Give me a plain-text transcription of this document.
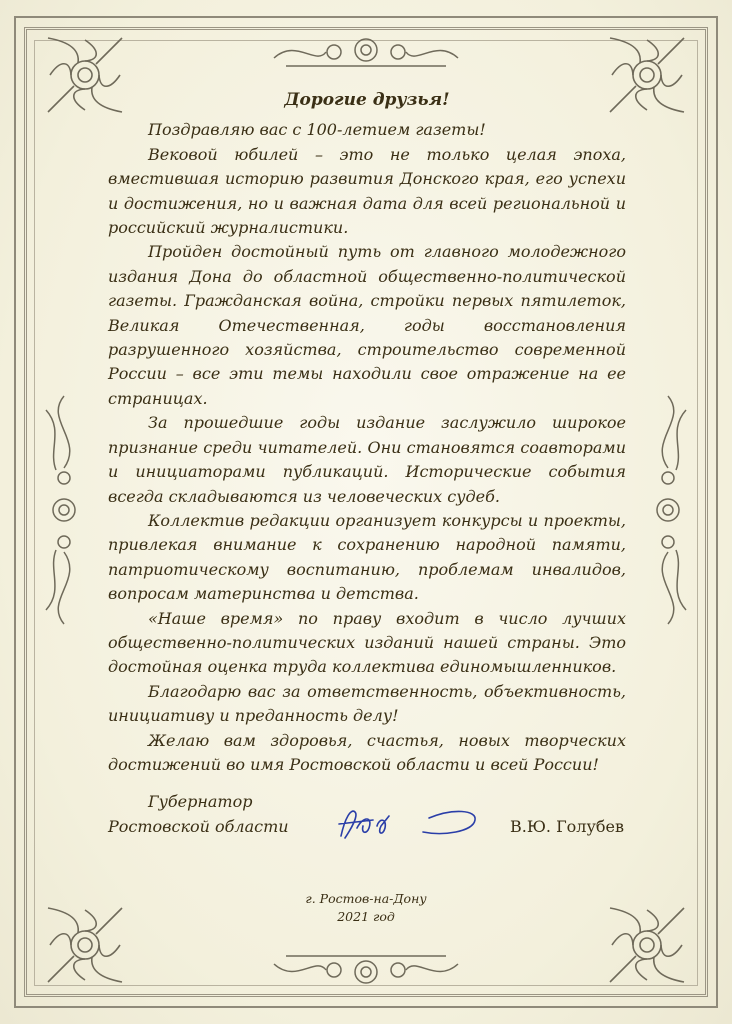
Дорогие друзья!

Поздравляю вас с 100-летием газеты!

Вековой юбилей – это не только целая эпоха, вместившая историю развития Донского края, его успехи и достижения, но и важная дата для всей региональной и российский журналистики.

Пройден достойный путь от главного молодежного издания Дона до областной общественно-политической газеты. Гражданская война, стройки первых пятилеток, Великая Отечественная, годы восстановления разрушенного хозяйства, строительство современной России – все эти темы находили свое отражение на ее страницах.

За прошедшие годы издание заслужило широкое признание среди читателей. Они становятся соавторами и инициаторами публикаций. Исторические события всегда складываются из человеческих судеб.

Коллектив редакции организует конкурсы и проекты, привлекая внимание к сохранению народной памяти, патриотическому воспитанию, проблемам инвалидов, вопросам материнства и детства.

«Наше время» по праву входит в число лучших общественно-политических изданий нашей страны. Это достойная оценка труда коллектива единомышленников.

Благодарю вас за ответственность, объективность, инициативу и преданность делу!

Желаю вам здоровья, счастья, новых творческих достижений во имя Ростовской области и всей России!

Губернатор
Ростовской области	В.Ю. Голубев
г. Ростов-на-Дону
2021 год
